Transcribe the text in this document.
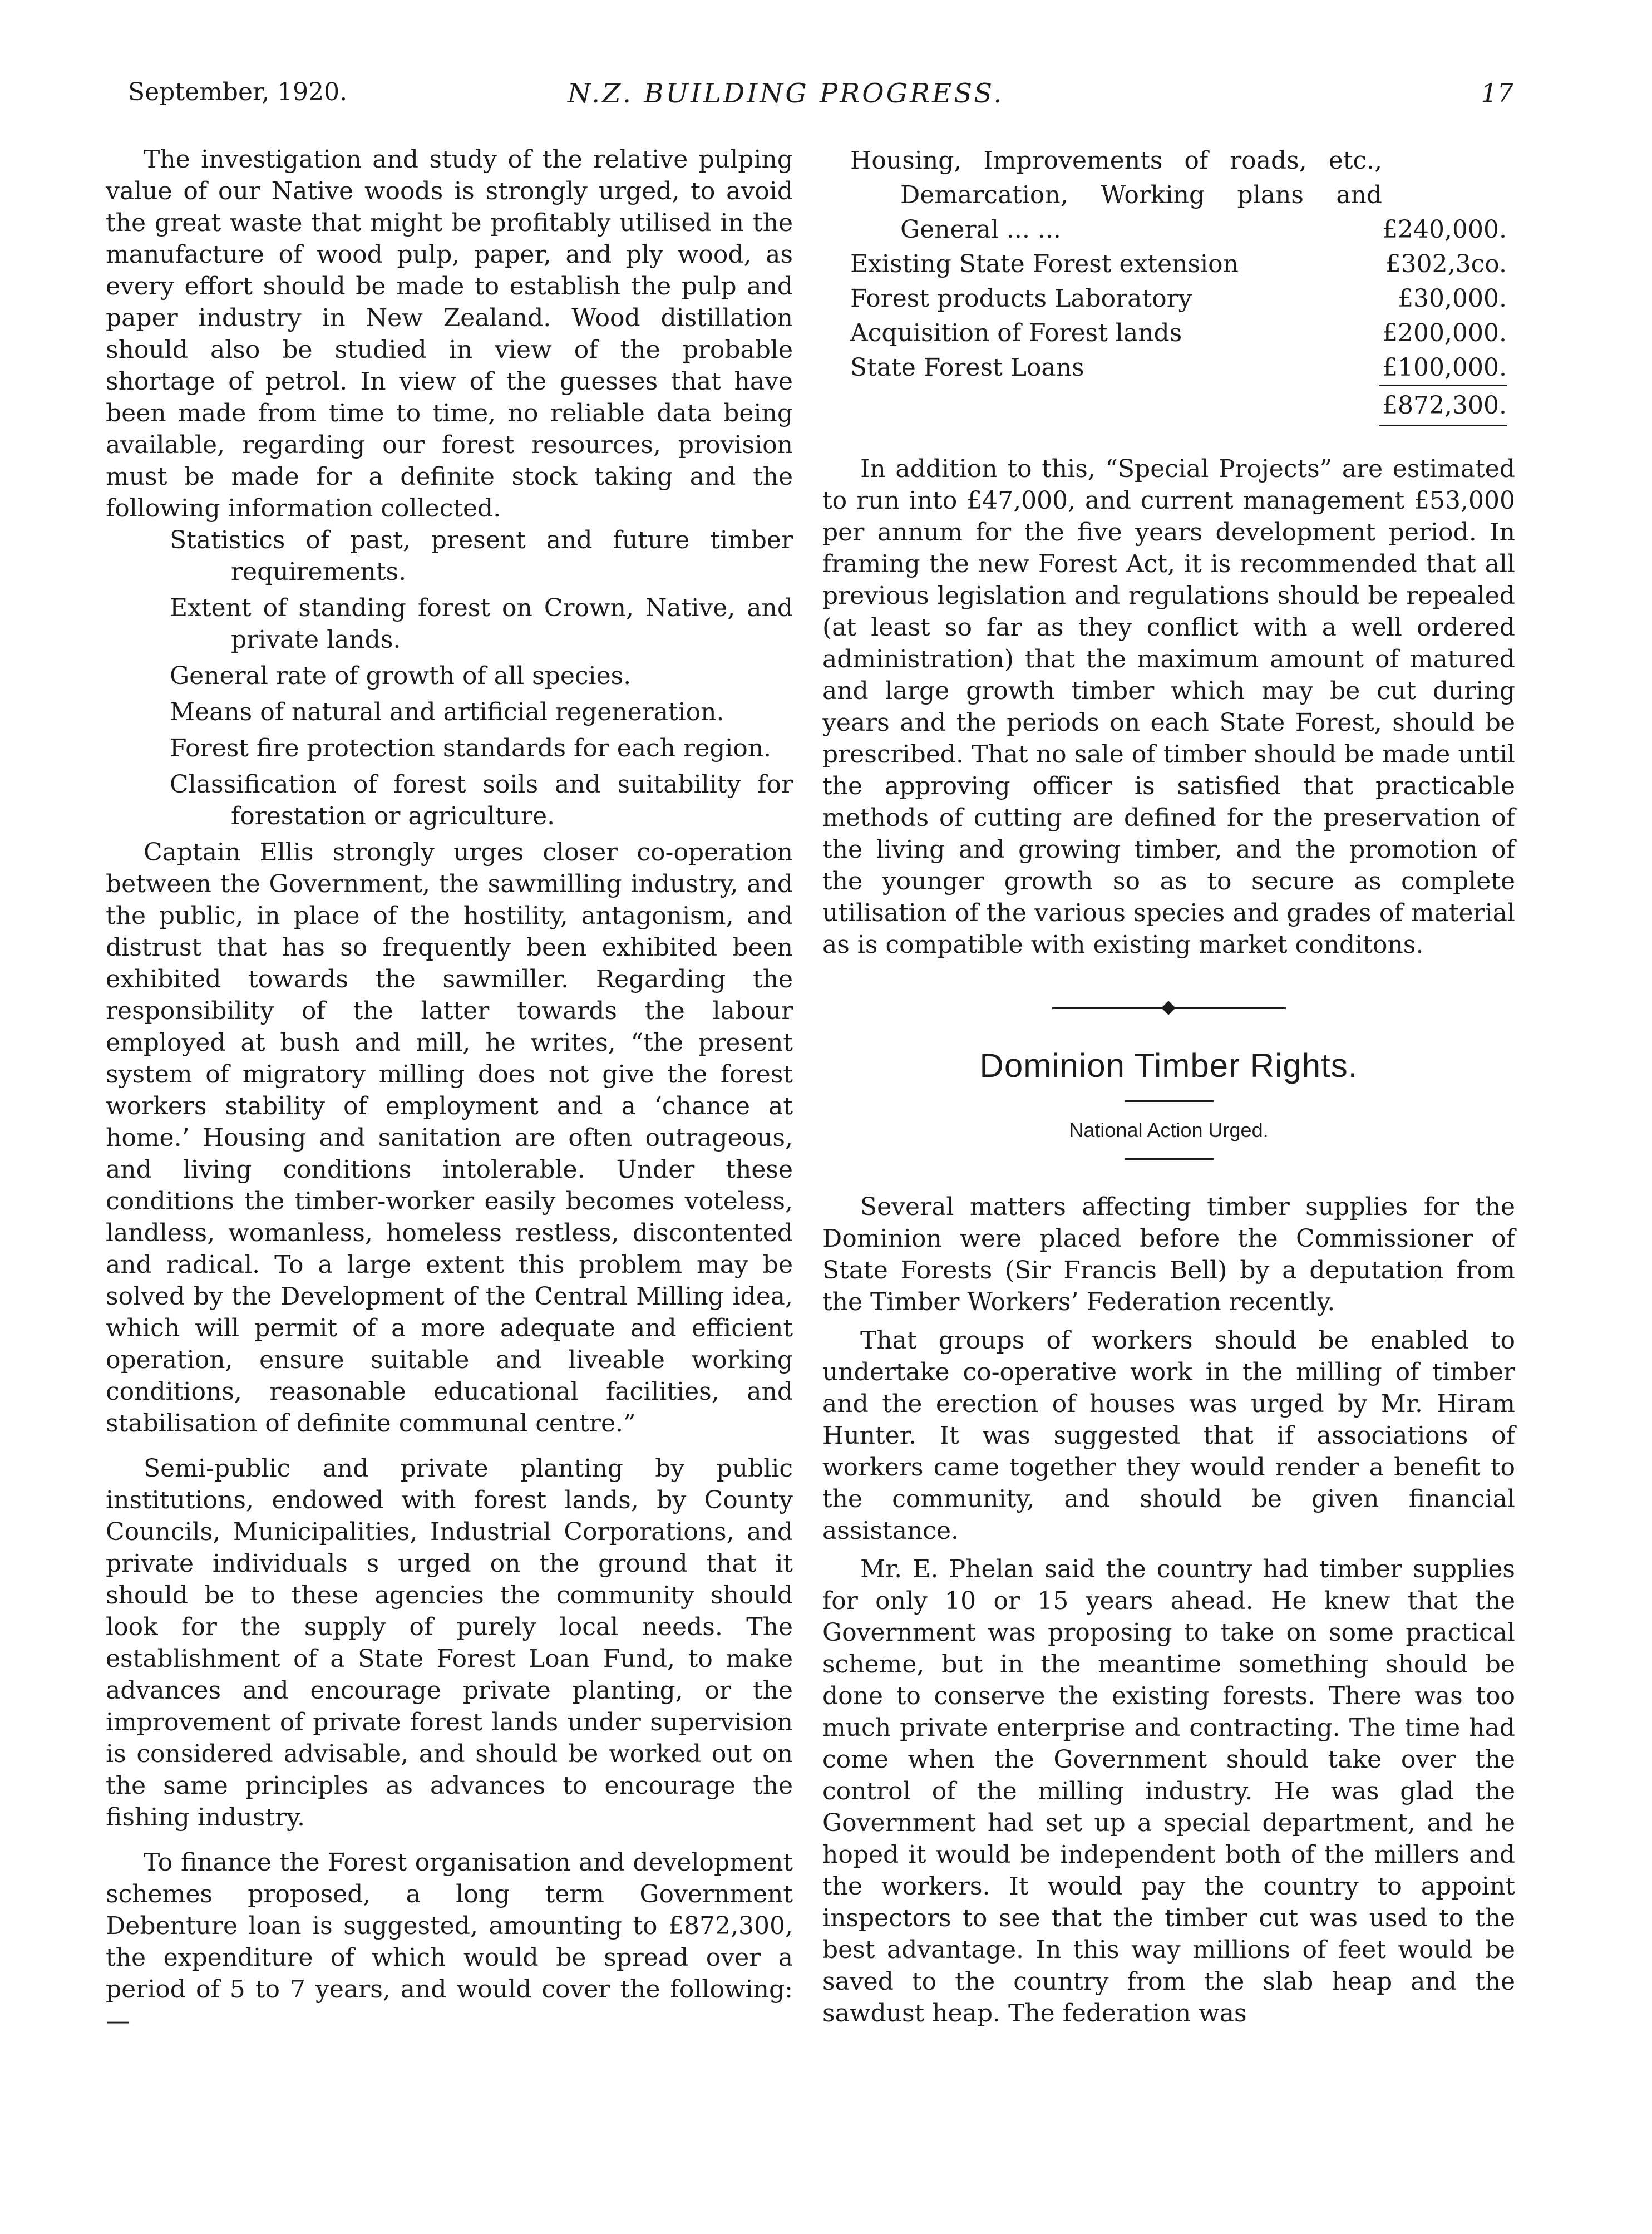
September, 1920.	N.Z. BUILDING PROGRESS.	17

The investigation and study of the relative pulping value of our Native woods is strongly urged, to avoid the great waste that might be profitably utilised in the manufacture of wood pulp, paper, and ply wood, as every effort should be made to establish the pulp and paper industry in New Zealand. Wood distillation should also be studied in view of the probable shortage of petrol. In view of the guesses that have been made from time to time, no reliable data being available, regarding our forest resources, provision must be made for a definite stock taking and the following information collected.

Statistics of past, present and future timber requirements.
Extent of standing forest on Crown, Native, and private lands.
General rate of growth of all species.
Means of natural and artificial regeneration.
Forest fire protection standards for each region.
Classification of forest soils and suitability for forestation or agriculture.

Captain Ellis strongly urges closer co-operation between the Government, the sawmilling industry, and the public, in place of the hostility, antagonism, and distrust that has so frequently been exhibited been exhibited towards the sawmiller. Regarding the responsibility of the latter towards the labour employed at bush and mill, he writes, “the present system of migratory milling does not give the forest workers stability of employment and a ‘chance at home.’ Housing and sanitation are often outrageous, and living conditions intolerable. Under these conditions the timber-worker easily becomes voteless, landless, womanless, homeless restless, discontented and radical. To a large extent this problem may be solved by the Development of the Central Milling idea, which will permit of a more adequate and efficient operation, ensure suitable and liveable working conditions, reasonable educational facilities, and stabilisation of definite communal centre.”

Semi-public and private planting by public institutions, endowed with forest lands, by County Councils, Municipalities, Industrial Corporations, and private individuals s urged on the ground that it should be to these agencies the community should look for the supply of purely local needs. The establishment of a State Forest Loan Fund, to make advances and encourage private planting, or the improvement of private forest lands under supervision is considered advisable, and should be worked out on the same principles as advances to encourage the fishing industry.

To finance the Forest organisation and development schemes proposed, a long term Government Debenture loan is suggested, amounting to £872,300, the expenditure of which would be spread over a period of 5 to 7 years, and would cover the following:—

Housing, Improvements of roads, etc., Demarcation, Working plans and General ... ...	£240,000.
Existing State Forest extension	£302,3co.
Forest products Laboratory	£30,000.
Acquisition of Forest lands	£200,000.
State Forest Loans	£100,000.
£872,300.

In addition to this, “Special Projects” are estimated to run into £47,000, and current management £53,000 per annum for the five years development period. In framing the new Forest Act, it is recommended that all previous legislation and regulations should be repealed (at least so far as they conflict with a well ordered administration) that the maximum amount of matured and large growth timber which may be cut during years and the periods on each State Forest, should be prescribed. That no sale of timber should be made until the approving officer is satisfied that practicable methods of cutting are defined for the preservation of the living and growing timber, and the promotion of the younger growth so as to secure as complete utilisation of the various species and grades of material as is compatible with existing market conditons.

Dominion Timber Rights.
National Action Urged.

Several matters affecting timber supplies for the Dominion were placed before the Commissioner of State Forests (Sir Francis Bell) by a deputation from the Timber Workers’ Federation recently.

That groups of workers should be enabled to undertake co-operative work in the milling of timber and the erection of houses was urged by Mr. Hiram Hunter. It was suggested that if associations of workers came together they would render a benefit to the community, and should be given financial assistance.

Mr. E. Phelan said the country had timber supplies for only 10 or 15 years ahead. He knew that the Government was proposing to take on some practical scheme, but in the meantime something should be done to conserve the existing forests. There was too much private enterprise and contracting. The time had come when the Government should take over the control of the milling industry. He was glad the Government had set up a special department, and he hoped it would be independent both of the millers and the workers. It would pay the country to appoint inspectors to see that the timber cut was used to the best advantage. In this way millions of feet would be saved to the country from the slab heap and the sawdust heap. The federation was
